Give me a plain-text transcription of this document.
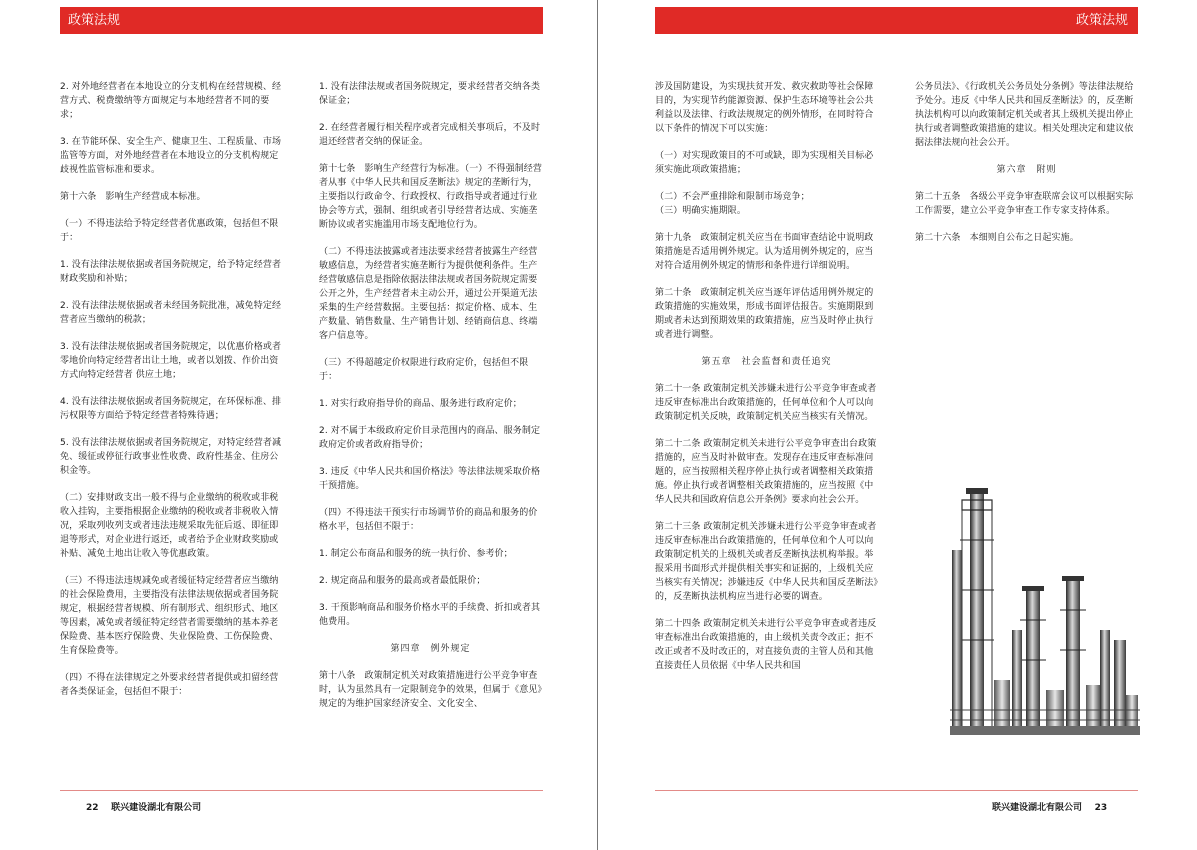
政策法规

2. 对外地经营者在本地设立的分支机构在经营规模、经营方式、税费缴纳等方面规定与本地经营者不同的要求；

3. 在节能环保、安全生产、健康卫生、工程质量、市场监管等方面，对外地经营者在本地设立的分支机构规定歧视性监管标准和要求。

第十六条　影响生产经营成本标准。

（一）不得违法给予特定经营者优惠政策，包括但不限于：

1. 没有法律法规依据或者国务院规定，给予特定经营者财政奖励和补贴；

2. 没有法律法规依据或者未经国务院批准，减免特定经营者应当缴纳的税款；

3. 没有法律法规依据或者国务院规定，以优惠价格或者零地价向特定经营者出让土地，或者以划拨、作价出资方式向特定经营者 供应土地；

4. 没有法律法规依据或者国务院规定，在环保标准、排污权限等方面给予特定经营者特殊待遇；

5. 没有法律法规依据或者国务院规定，对特定经营者减免、缓征或停征行政事业性收费、政府性基金、住房公积金等。

（二）安排财政支出一般不得与企业缴纳的税收或非税收入挂钩，主要指根据企业缴纳的税收或者非税收入情况，采取列收列支或者违法违规采取先征后返、即征即退等形式，对企业进行返还，或者给予企业财政奖励或补贴、减免土地出让收入等优惠政策。

（三）不得违法违规减免或者缓征特定经营者应当缴纳的社会保险费用，主要指没有法律法规依据或者国务院规定，根据经营者规模、所有制形式、组织形式、地区等因素，减免或者缓征特定经营者需要缴纳的基本养老保险费、基本医疗保险费、失业保险费、工伤保险费、生育保险费等。

（四）不得在法律规定之外要求经营者提供或扣留经营者各类保证金，包括但不限于：

1. 没有法律法规或者国务院规定，要求经营者交纳各类保证金；

2. 在经营者履行相关程序或者完成相关事项后，不及时退还经营者交纳的保证金。

第十七条　影响生产经营行为标准。（一）不得强制经营者从事《中华人民共和国反垄断法》规定的垄断行为，主要指以行政命令、行政授权、行政指导或者通过行业协会等方式，强制、组织或者引导经营者达成、实施垄断协议或者实施滥用市场支配地位行为。

（二）不得违法披露或者违法要求经营者披露生产经营敏感信息，为经营者实施垄断行为提供便利条件。生产经营敏感信息是指除依据法律法规或者国务院规定需要公开之外，生产经营者未主动公开，通过公开渠道无法采集的生产经营数据。主要包括：拟定价格、成本、生产数量、销售数量、生产销售计划、经销商信息、终端客户信息等。

（三）不得超越定价权限进行政府定价，包括但不限于：

1. 对实行政府指导价的商品、服务进行政府定价；

2. 对不属于本级政府定价目录范围内的商品、服务制定政府定价或者政府指导价；

3. 违反《中华人民共和国价格法》等法律法规采取价格干预措施。

（四）不得违法干预实行市场调节价的商品和服务的价格水平，包括但不限于：

1. 制定公布商品和服务的统一执行价、参考价；

2. 规定商品和服务的最高或者最低限价；

3. 干预影响商品和服务价格水平的手续费、折扣或者其他费用。

第四章　例外规定

第十八条　政策制定机关对政策措施进行公平竞争审查时，认为虽然具有一定限制竞争的效果，但属于《意见》规定的为维护国家经济安全、文化安全、

22 联兴建设湖北有限公司
政策法规

涉及国防建设，为实现扶贫开发、救灾救助等社会保障目的，为实现节约能源资源、保护生态环境等社会公共利益以及法律、行政法规规定的例外情形，在同时符合以下条件的情况下可以实施：

（一）对实现政策目的不可或缺，即为实现相关目标必须实施此项政策措施；

（二）不会严重排除和限制市场竞争；
（三）明确实施期限。

第十九条　政策制定机关应当在书面审查结论中说明政策措施是否适用例外规定。认为适用例外规定的，应当对符合适用例外规定的情形和条件进行详细说明。

第二十条　政策制定机关应当逐年评估适用例外规定的政策措施的实施效果，形成书面评估报告。实施期限到期或者未达到预期效果的政策措施，应当及时停止执行或者进行调整。

第五章　社会监督和责任追究

第二十一条 政策制定机关涉嫌未进行公平竞争审查或者违反审查标准出台政策措施的，任何单位和个人可以向政策制定机关反映，政策制定机关应当核实有关情况。

第二十二条 政策制定机关未进行公平竞争审查出台政策措施的，应当及时补做审查。发现存在违反审查标准问题的，应当按照相关程序停止执行或者调整相关政策措施。停止执行或者调整相关政策措施的，应当按照《中华人民共和国政府信息公开条例》要求向社会公开。

第二十三条 政策制定机关涉嫌未进行公平竞争审查或者违反审查标准出台政策措施的，任何单位和个人可以向政策制定机关的上级机关或者反垄断执法机构举报。举报采用书面形式并提供相关事实和证据的，上级机关应当核实有关情况；涉嫌违反《中华人民共和国反垄断法》的，反垄断执法机构应当进行必要的调查。

第二十四条 政策制定机关未进行公平竞争审查或者违反审查标准出台政策措施的，由上级机关责令改正；拒不改正或者不及时改正的，对直接负责的主管人员和其他直接责任人员依据《中华人民共和国

公务员法》、《行政机关公务员处分条例》等法律法规给予处分。违反《中华人民共和国反垄断法》的，反垄断执法机构可以向政策制定机关或者其上级机关提出停止执行或者调整政策措施的建议。相关处理决定和建议依据法律法规向社会公开。

第六章　附则

第二十五条　各级公平竞争审查联席会议可以根据实际工作需要，建立公平竞争审查工作专家支持体系。

第二十六条　本细则自公布之日起实施。

联兴建设湖北有限公司 23
